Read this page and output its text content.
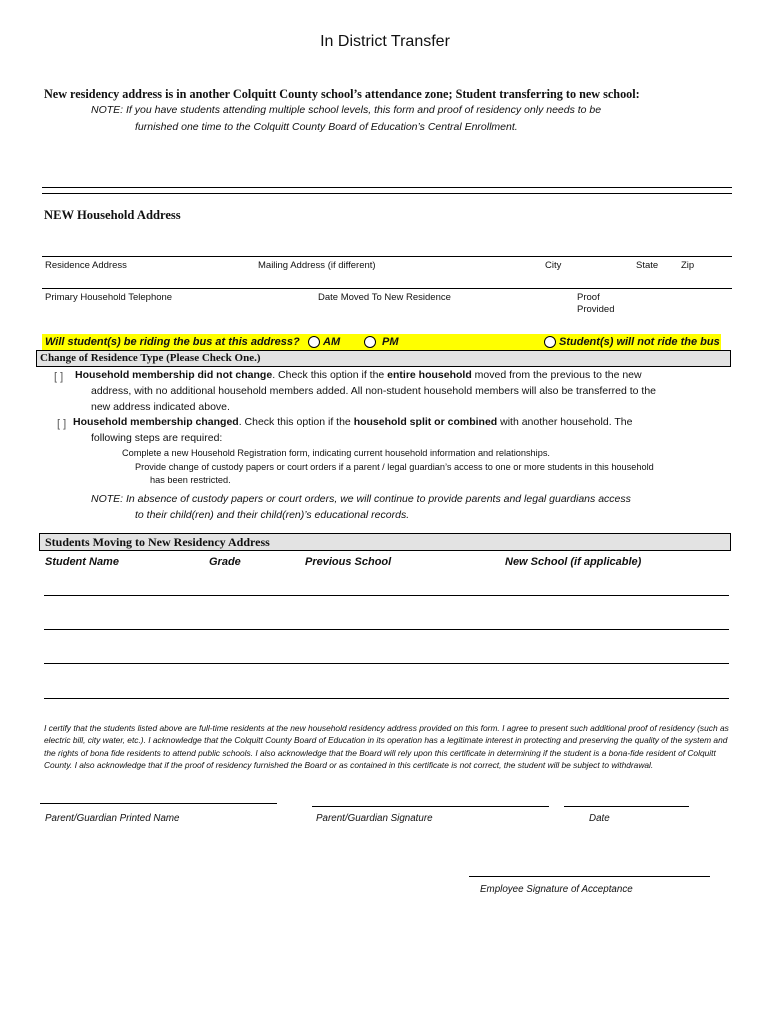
In District Transfer
New residency address is in another Colquitt County school’s attendance zone; Student transferring to new school:
NOTE: If you have students attending multiple school levels, this form and proof of residency only needs to be
furnished one time to the Colquitt County Board of Education’s Central Enrollment.
NEW Household Address
Residence Address	Mailing Address (if different)	City	State Zip
Primary Household Telephone	Date Moved To New Residence	Proof
Provided
Will student(s) be riding the bus at this address? AM	PM	Student(s) will not ride the bus
Change of Residence Type (Please Check One.)
[ ] Household membership did not change. Check this option if the entire household moved from the previous to the new
address, with no additional household members added. All non-student household members will also be transferred to the
new address indicated above.
[ ] Household membership changed. Check this option if the household split or combined with another household. The
following steps are required:
Complete a new Household Registration form, indicating current household information and relationships.
Provide change of custody papers or court orders if a parent / legal guardian’s access to one or more students in this household
has been restricted.
NOTE: In absence of custody papers or court orders, we will continue to provide parents and legal guardians access
to their child(ren) and their child(ren)’s educational records.
Students Moving to New Residency Address
Student Name	Grade	Previous School	New School (if applicable)
I certify that the students listed above are full-time residents at the new household residency address provided on this form. I agree to present such additional proof of residency (such as electric bill, city water, etc.). I acknowledge that the Colquitt County Board of Education in its operation has a legitimate interest in protecting and preserving the quality of the system and the rights of bona fide residents to attend public schools. I also acknowledge that the Board will rely upon this certificate in determining if the student is a bona-fide resident of Colquitt County. I also acknowledge that if the proof of residency furnished the Board or as contained in this certificate is not correct, the student will be subject to withdrawal.
Parent/Guardian Printed Name	Parent/Guardian Signature	Date
Employee Signature of Acceptance
